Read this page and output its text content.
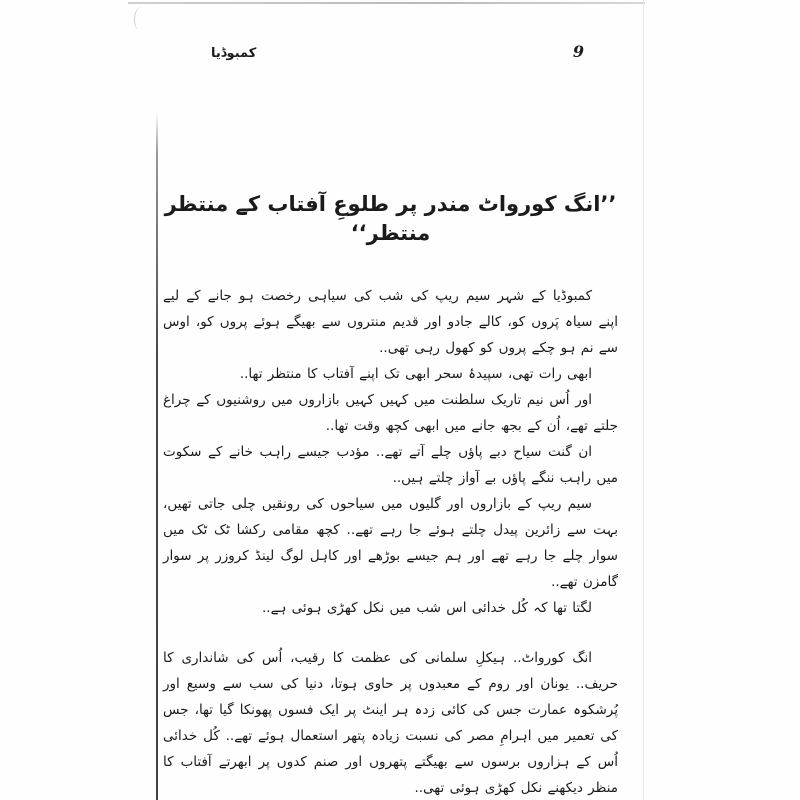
کمبوڈیا	9
’’انگ کورواٹ مندر پر طلوعِ آفتاب کے منتظر منتظر‘‘

کمبوڈیا کے شہر سیم ریپ کی شب کی سیاہی رخصت ہو جانے کے لیے اپنے سیاہ پَروں کو، کالے جادو اور قدیم منتروں سے بھیگے ہوئے پروں کو، اوس سے نم ہو چکے پروں کو کھول رہی تھی..

ابھی رات تھی، سپیدۂ سحر ابھی تک اپنے آفتاب کا منتظر تھا..

اور اُس نیم تاریک سلطنت میں کہیں کہیں بازاروں میں روشنیوں کے چراغ جلتے تھے، اُن کے بجھ جانے میں ابھی کچھ وقت تھا..

ان گنت سیاح دبے پاؤں چلے آتے تھے.. مؤدب جیسے راہب خانے کے سکوت میں راہب ننگے پاؤں بے آواز چلتے ہیں..

سیم ریپ کے بازاروں اور گلیوں میں سیاحوں کی رونقیں چلی جاتی تھیں، بہت سے زائرین پیدل چلتے ہوئے جا رہے تھے.. کچھ مقامی رکشا ٹک ٹک میں سوار چلے جا رہے تھے اور ہم جیسے بوڑھے اور کاہل لوگ لینڈ کروزر پر سوار گامزن تھے..

لگتا تھا کہ کُل خدائی اس شب میں نکل کھڑی ہوئی ہے..

انگ کورواٹ.. ہیکلِ سلمانی کی عظمت کا رقیب، اُس کی شانداری کا حریف.. یونان اور روم کے معبدوں پر حاوی ہوتا، دنیا کی سب سے وسیع اور پُرشکوہ عمارت جس کی کائی زدہ ہر اینٹ پر ایک فسوں پھونکا گیا تھا، جس کی تعمیر میں اہرامِ مصر کی نسبت زیادہ پتھر استعمال ہوئے تھے.. کُل خدائی اُس کے ہزاروں برسوں سے بھیگتے پتھروں اور صنم کدوں پر ابھرتے آفتاب کا منظر دیکھنے نکل کھڑی ہوئی تھی..
